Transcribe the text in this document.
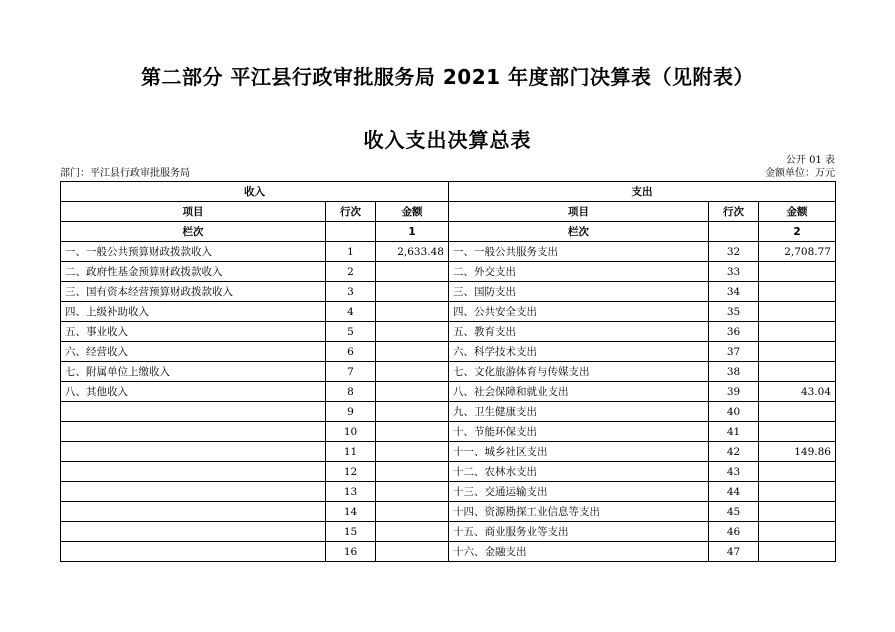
第二部分 平江县行政审批服务局 2021 年度部门决算表（见附表）
收入支出决算总表
公开 01 表
部门：平江县行政审批服务局	金额单位：万元
收入			支出		
项目	行次	金额	项目	行次	金额
栏次		1	栏次		2
一、一般公共预算财政拨款收入	1	2,633.48	一、一般公共服务支出	32	2,708.77
二、政府性基金预算财政拨款收入	2		二、外交支出	33	
三、国有资本经营预算财政拨款收入	3		三、国防支出	34	
四、上级补助收入	4		四、公共安全支出	35	
五、事业收入	5		五、教育支出	36	
六、经营收入	6		六、科学技术支出	37	
七、附属单位上缴收入	7		七、文化旅游体育与传媒支出	38	
八、其他收入	8		八、社会保障和就业支出	39	43.04
	9		九、卫生健康支出	40	
	10		十、节能环保支出	41	
	11		十一、城乡社区支出	42	149.86
	12		十二、农林水支出	43	
	13		十三、交通运输支出	44	
	14		十四、资源勘探工业信息等支出	45	
	15		十五、商业服务业等支出	46	
	16		十六、金融支出	47	
